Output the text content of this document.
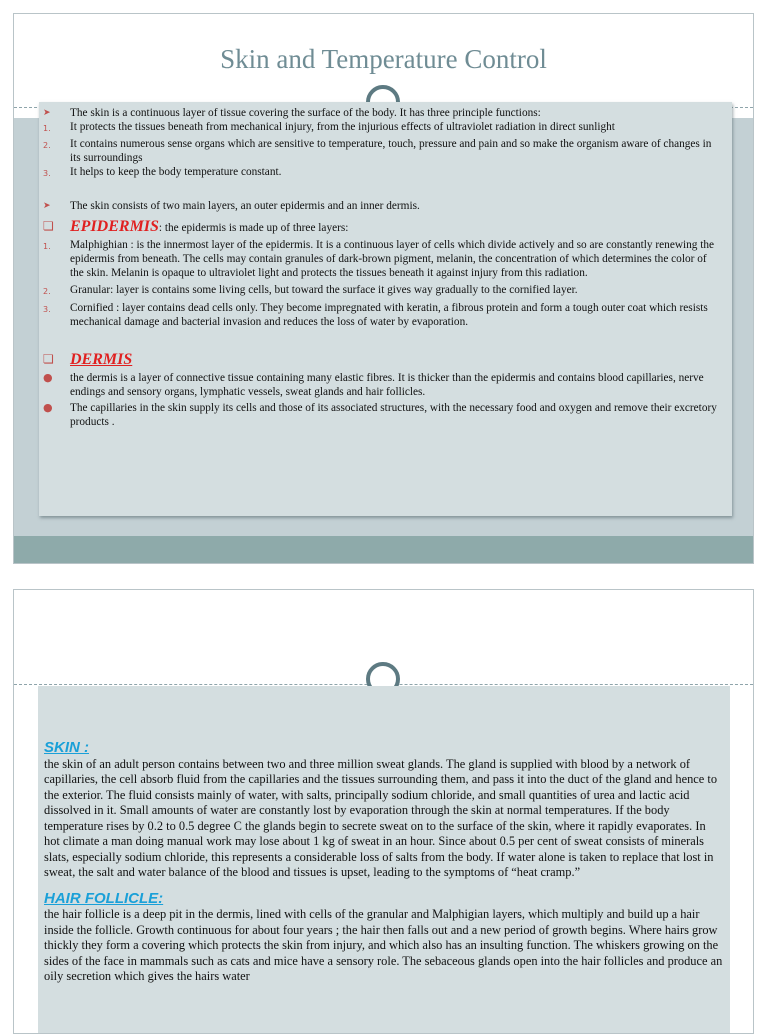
Skin and Temperature Control
➤	The skin is a continuous layer of tissue covering the surface of the body. It has three principle functions:
1.	It protects the tissues beneath from mechanical injury, from the injurious effects of ultraviolet radiation in direct sunlight
2.	It contains numerous sense organs which are sensitive to temperature, touch, pressure and pain and so make the organism aware of changes in its surroundings
3.	It helps to keep the body temperature constant.
➤	The skin consists of two main layers, an outer epidermis and an inner dermis.
❏	EPIDERMIS: the epidermis is made up of three layers:
1.	Malphighian : is the innermost layer of the epidermis. It is a continuous layer of cells which divide actively and so are constantly renewing the epidermis from beneath. The cells may contain granules of dark-brown pigment, melanin, the concentration of which determines the color of the skin. Melanin is opaque to ultraviolet light and protects the tissues beneath it against injury from this radiation.
2.	Granular: layer is contains some living cells, but toward the surface it gives way gradually to the cornified layer.
3.	Cornified : layer contains dead cells only. They become impregnated with keratin, a fibrous protein and form a tough outer coat which resists mechanical damage and bacterial invasion and reduces the loss of water by evaporation.
❏	DERMIS
●	the dermis is a layer of connective tissue containing many elastic fibres. It is thicker than the epidermis and contains blood capillaries, nerve endings and sensory organs, lymphatic vessels, sweat glands and hair follicles.
●	The capillaries in the skin supply its cells and those of its associated structures, with the necessary food and oxygen and remove their excretory products .
SKIN :
the skin of an adult person contains between two and three million sweat glands. The gland is supplied with blood by a network of capillaries, the cell absorb fluid from the capillaries and the tissues surrounding them, and pass it into the duct of the gland and hence to the exterior. The fluid consists mainly of water, with salts, principally sodium chloride, and small quantities of urea and lactic acid dissolved in it. Small amounts of water are constantly lost by evaporation through the skin at normal temperatures. If the body temperature rises by 0.2 to 0.5 degree C the glands begin to secrete sweat on to the surface of the skin, where it rapidly evaporates. In hot climate a man doing manual work may lose about 1 kg of sweat in an hour. Since about 0.5 per cent of sweat consists of minerals slats, especially sodium chloride, this represents a considerable loss of salts from the body. If water alone is taken to replace that lost in sweat, the salt and water balance of the blood and tissues is upset, leading to the symptoms of “heat cramp.”
HAIR FOLLICLE:
the hair follicle is a deep pit in the dermis, lined with cells of the granular and Malphigian layers, which multiply and build up a hair inside the follicle. Growth continuous for about four years ; the hair then falls out and a new period of growth begins. Where hairs grow thickly they form a covering which protects the skin from injury, and which also has an insulting function. The whiskers growing on the sides of the face in mammals such as cats and mice have a sensory role. The sebaceous glands open into the hair follicles and produce an oily secretion which gives the hairs water
